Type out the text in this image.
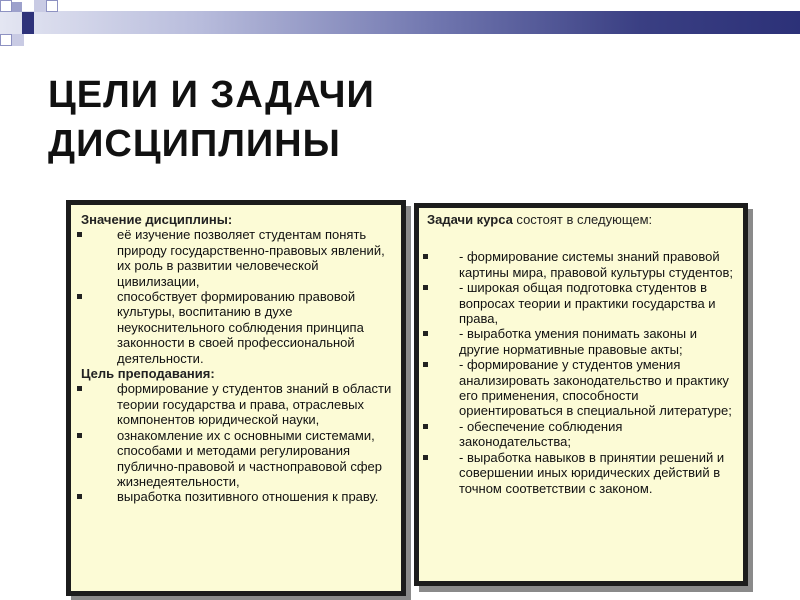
ЦЕЛИ И ЗАДАЧИ
ДИСЦИПЛИНЫ

Значение дисциплины:

её изучение позволяет студентам понять природу государственно-правовых явлений, их роль в развитии человеческой цивилизации,
способствует формированию правовой культуры, воспитанию в духе неукоснительного соблюдения принципа законности в своей профессиональной деятельности.

Цель преподавания:

формирование у студентов знаний в области теории государства и права, отраслевых компонентов юридической науки,
ознакомление их с основными системами, способами и методами регулирования публично-правовой и частноправовой сфер жизнедеятельности,
выработка позитивного отношения к праву.

Задачи курса состоят в следующем:

- формирование системы знаний правовой картины мира, правовой культуры студентов;
- широкая общая подготовка студентов в вопросах теории и практики государства и права,
- выработка умения понимать законы и другие нормативные правовые акты;
- формирование у студентов умения анализировать законодательство и практику его применения, способности ориентироваться в специальной литературе;
- обеспечение соблюдения законодательства;
- выработка навыков в принятии решений и совершении иных юридических действий в точном соответствии с законом.
